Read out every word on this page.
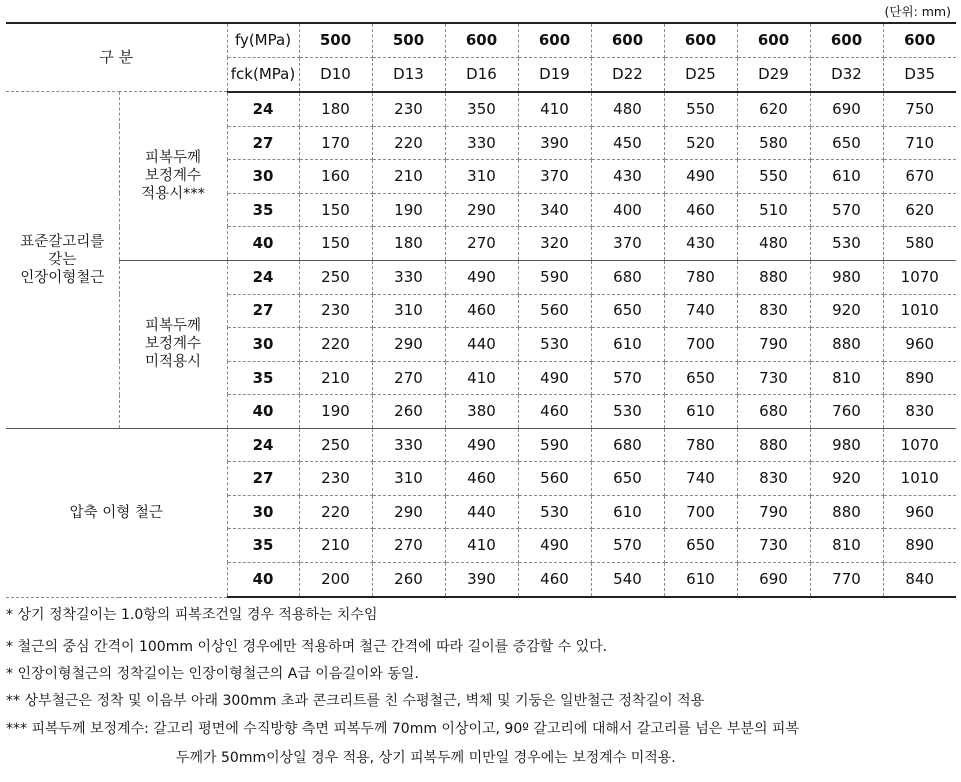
(단위: mm)
구 분		fy(MPa)	500	500	600	600	600	600	600	600	600
		fck(MPa)	D10	D13	D16	D19	D22	D25	D29	D32	D35
표준갈고리를
갖는
인장이형철근	피복두께
보정계수
적용시***	24	180	230	350	410	480	550	620	690	750
		27	170	220	330	390	450	520	580	650	710
		30	160	210	310	370	430	490	550	610	670
		35	150	190	290	340	400	460	510	570	620
		40	150	180	270	320	370	430	480	530	580
	피복두께
보정계수
미적용시	24	250	330	490	590	680	780	880	980	1070
		27	230	310	460	560	650	740	830	920	1010
		30	220	290	440	530	610	700	790	880	960
		35	210	270	410	490	570	650	730	810	890
		40	190	260	380	460	530	610	680	760	830
압축 이형 철근		24	250	330	490	590	680	780	880	980	1070
		27	230	310	460	560	650	740	830	920	1010
		30	220	290	440	530	610	700	790	880	960
		35	210	270	410	490	570	650	730	810	890
		40	200	260	390	460	540	610	690	770	840
* 상기 정착길이는 1.0항의 피복조건일 경우 적용하는 치수임
* 철근의 중심 간격이 100mm 이상인 경우에만 적용하며 철근 간격에 따라 길이를 증감할 수 있다.
* 인장이형철근의 정착길이는 인장이형철근의 A급 이음길이와 동일.
** 상부철근은 정착 및 이음부 아래 300mm 초과 콘크리트를 친 수평철근, 벽체 및 기둥은 일반철근 정착길이 적용
*** 피복두께 보정계수: 갈고리 평면에 수직방향 측면 피복두께 70mm 이상이고, 90º 갈고리에 대해서 갈고리를 넘은 부분의 피복
두께가 50mm이상일 경우 적용, 상기 피복두께 미만일 경우에는 보정계수 미적용.
